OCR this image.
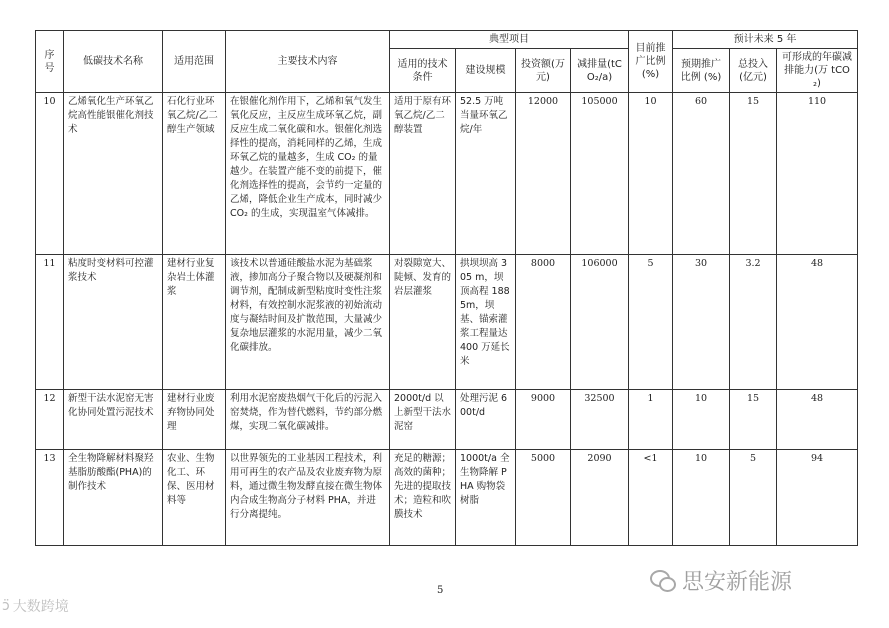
序号	低碳技术名称	适用范围	主要技术内容	典型项目				目前推广比例(%)	预计未来 5 年		
				适用的技术条件	建设规模	投资额(万元)	减排量(tCO₂/a)		预期推广比例 (%)	总投入(亿元)	可形成的年碳减排能力(万 tCO₂)
10	乙烯氧化生产环氧乙烷高性能银催化剂技术	石化行业环氧乙烷/乙二醇生产领域	在银催化剂作用下，乙烯和氧气发生氧化反应，主反应生成环氧乙烷，副反应生成二氧化碳和水。银催化剂选择性的提高，消耗同样的乙烯，生成环氧乙烷的量越多，生成 CO₂ 的量越少。在装置产能不变的前提下，催化剂选择性的提高，会节约一定量的乙烯，降低企业生产成本，同时减少 CO₂ 的生成，实现温室气体减排。	适用于原有环氧乙烷/乙二醇装置	52.5 万吨当量环氧乙烷/年	12000	105000	10	60	15	110
11	粘度时变材料可控灌浆技术	建材行业复杂岩土体灌浆	该技术以普通硅酸盐水泥为基础浆液，掺加高分子聚合物以及硬凝剂和调节剂，配制成新型粘度时变性注浆材料，有效控制水泥浆液的初始流动度与凝结时间及扩散范围，大量减少复杂地层灌浆的水泥用量，减少二氧化碳排放。	对裂隙宽大、陡倾、发育的岩层灌浆	拱坝坝高 305 m，坝顶高程 1885m，坝基、锚索灌浆工程量达 400 万延长米	8000	106000	5	30	3.2	48
12	新型干法水泥窑无害化协同处置污泥技术	建材行业废弃物协同处理	利用水泥窑废热烟气干化后的污泥入窑焚烧，作为替代燃料，节约部分燃煤，实现二氧化碳减排。	2000t/d 以上新型干法水泥窑	处理污泥 600t/d	9000	32500	1	10	15	48
13	全生物降解材料聚羟基脂肪酸酯(PHA)的制作技术	农业、生物化工、环保、医用材料等	以世界领先的工业基因工程技术，利用可再生的农产品及农业废弃物为原料，通过微生物发酵直接在微生物体内合成生物高分子材料 PHA，并进行分离提纯。	充足的糖源；高效的菌种；先进的提取技术；造粒和吹膜技术	1000t/a 全生物降解 PHA 购物袋树脂	5000	2090	<1	10	5	94
5
ↄ̈ 大数跨境
思安新能源
